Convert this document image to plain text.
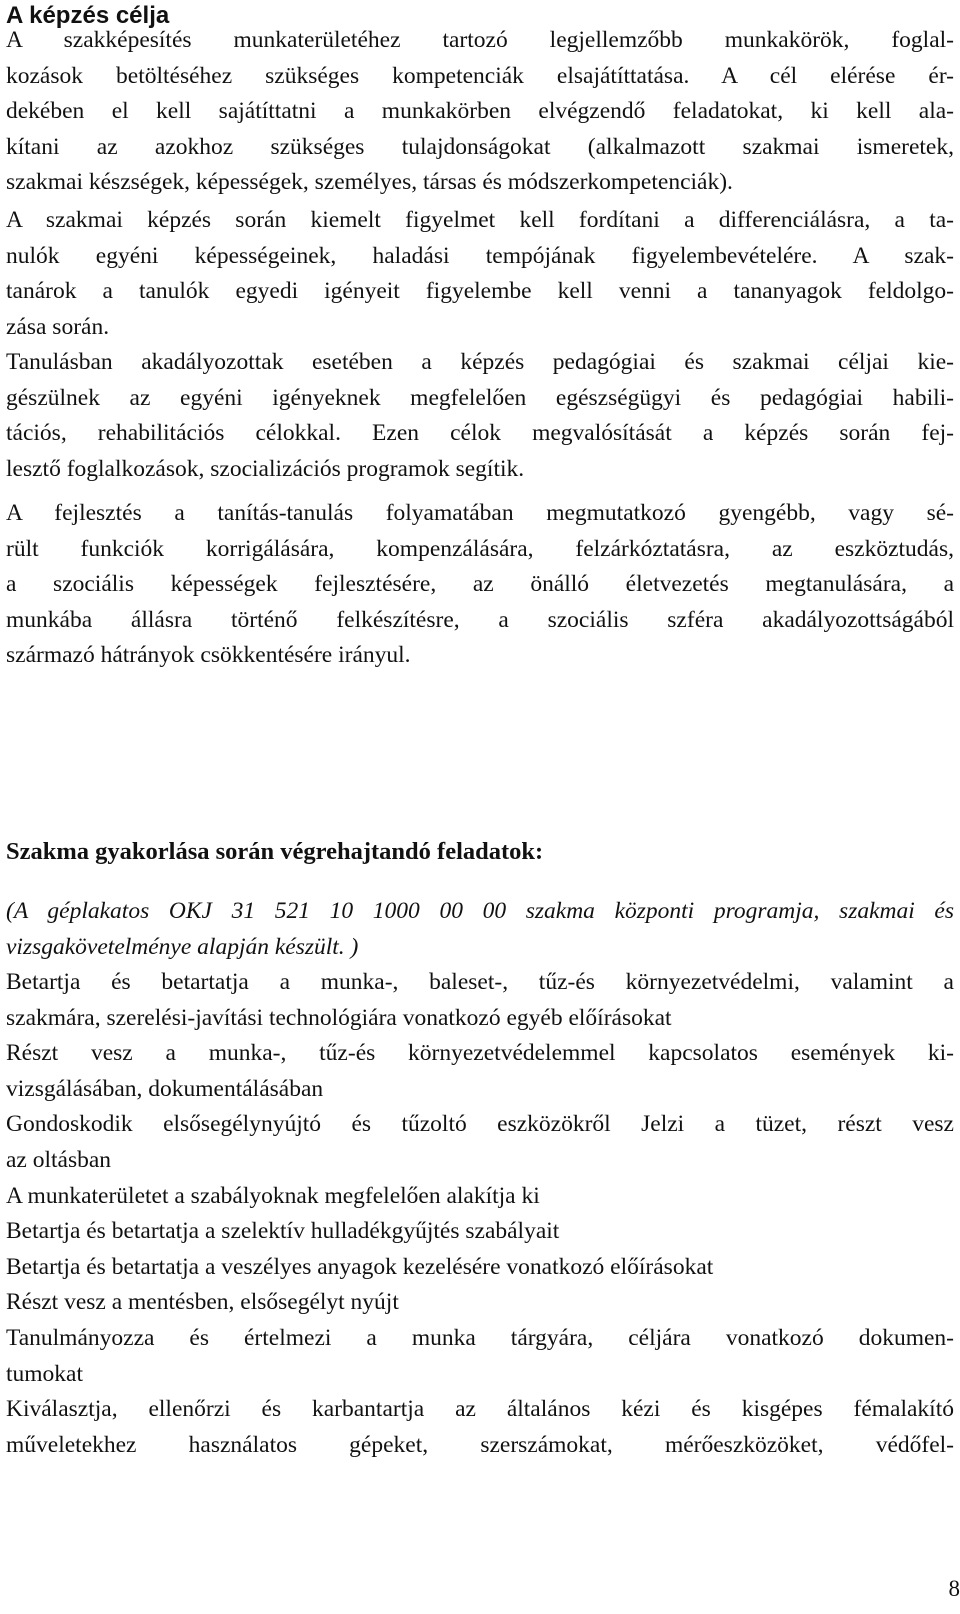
A képzés célja
A szakképesítés munkaterületéhez tartozó legjellemzőbb munkakörök, foglal-
kozások betöltéséhez szükséges kompetenciák elsajátíttatása. A cél elérése ér-
dekében el kell sajátíttatni a munkakörben elvégzendő feladatokat, ki kell ala-
kítani az azokhoz szükséges tulajdonságokat (alkalmazott szakmai ismeretek,
szakmai készségek, képességek, személyes, társas és módszerkompetenciák).
A szakmai képzés során kiemelt figyelmet kell fordítani a differenciálásra, a ta-
nulók egyéni képességeinek, haladási tempójának figyelembevételére. A szak-
tanárok a tanulók egyedi igényeit figyelembe kell venni a tananyagok feldolgo-
zása során.
Tanulásban akadályozottak esetében a képzés pedagógiai és szakmai céljai kie-
gészülnek az egyéni igényeknek megfelelően egészségügyi és pedagógiai habili-
tációs, rehabilitációs célokkal. Ezen célok megvalósítását a képzés során fej-
lesztő foglalkozások, szocializációs programok segítik.
A fejlesztés a tanítás-tanulás folyamatában megmutatkozó gyengébb, vagy sé-
rült funkciók korrigálására, kompenzálására, felzárkóztatásra, az eszköztudás,
a szociális képességek fejlesztésére, az önálló életvezetés megtanulására, a
munkába állásra történő felkészítésre, a szociális szféra akadályozottságából
származó hátrányok csökkentésére irányul.
Szakma gyakorlása során végrehajtandó feladatok:
(A géplakatos OKJ 31 521 10 1000 00 00 szakma központi programja, szakmai és
vizsgakövetelménye alapján készült. )
Betartja és betartatja a munka-, baleset-, tűz-és környezetvédelmi, valamint a
szakmára, szerelési-javítási technológiára vonatkozó egyéb előírásokat
Részt vesz a munka-, tűz-és környezetvédelemmel kapcsolatos események ki-
vizsgálásában, dokumentálásában
Gondoskodik elsősegélynyújtó és tűzoltó eszközökről Jelzi a tüzet, részt vesz
az oltásban
A munkaterületet a szabályoknak megfelelően alakítja ki
Betartja és betartatja a szelektív hulladékgyűjtés szabályait
Betartja és betartatja a veszélyes anyagok kezelésére vonatkozó előírásokat
Részt vesz a mentésben, elsősegélyt nyújt
Tanulmányozza és értelmezi a munka tárgyára, céljára vonatkozó dokumen-
tumokat
Kiválasztja, ellenőrzi és karbantartja az általános kézi és kisgépes fémalakító
műveletekhez használatos gépeket, szerszámokat, mérőeszközöket, védőfel-
8
